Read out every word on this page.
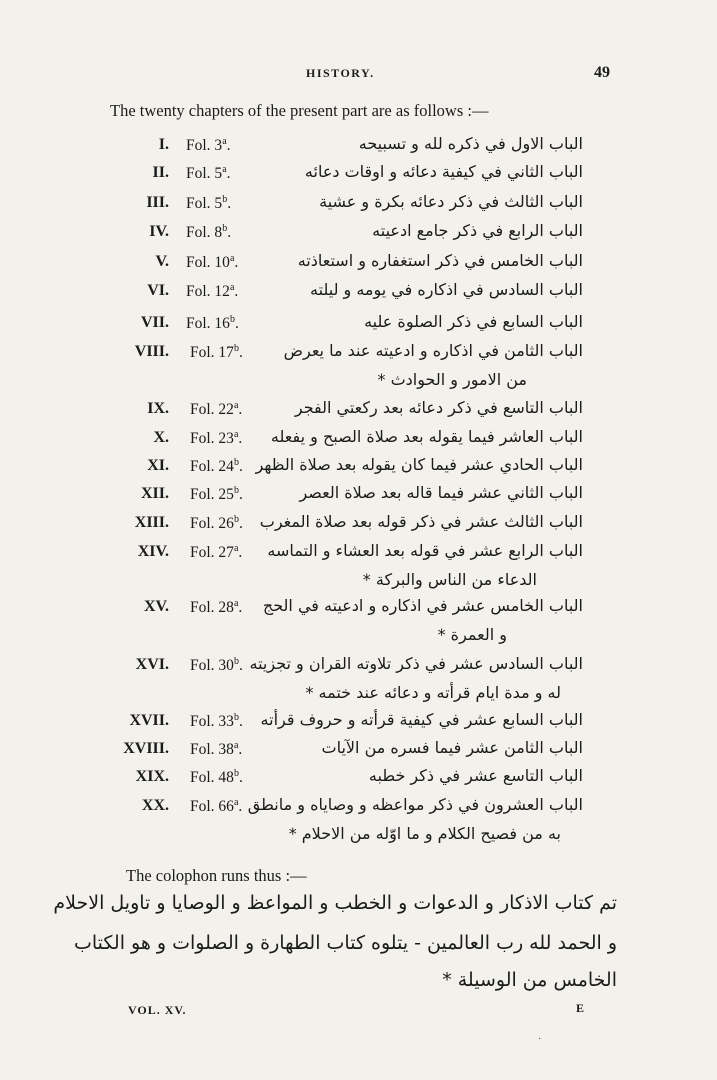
HISTORY.	49
The twenty chapters of the present part are as follows :—
I. Fol. 3$^a$.	الباب الاول في ذكره لله و تسبيحه
II. Fol. 5$^a$.	الباب الثاني في كيفية دعائه و اوقات دعائه
III. Fol. 5$^b$.	الباب الثالث في ذكر دعائه بكرة و عشية
IV. Fol. 8$^b$.	الباب الرابع في ذكر جامع ادعيته
V. Fol. 10$^a$.	الباب الخامس في ذكر استغفاره و استعاذته
VI. Fol. 12$^a$.	الباب السادس في اذكاره في يومه و ليلته
VII. Fol. 16$^b$.	الباب السابع في ذكر الصلوة عليه
VIII. Fol. 17$^b$.	الباب الثامن في اذكاره و ادعيته عند ما يعرض
من الامور و الحوادث *
IX. Fol. 22$^a$.	الباب التاسع في ذكر دعائه بعد ركعتي الفجر
X. Fol. 23$^a$. الباب العاشر فيما يقوله بعد صلاة الصبح و يفعله
XI. Fol. 24$^b$. الباب الحادي عشر فيما كان يقوله بعد صلاة الظهر
XII. Fol. 25$^b$.	الباب الثاني عشر فيما قاله بعد صلاة العصر
XIII. Fol. 26$^b$. الباب الثالث عشر في ذكر قوله بعد صلاة المغرب
XIV. Fol. 27$^a$. الباب الرابع عشر في قوله بعد العشاء و التماسه
الدعاء من الناس والبركة *
XV. Fol. 28$^a$. الباب الخامس عشر في اذكاره و ادعيته في الحج
و العمرة *
XVI. Fol. 30$^b$. الباب السادس عشر في ذكر تلاوته القران و تجزيته
له و مدة ايام قرأته و دعائه عند ختمه *
XVII. Fol. 33$^b$. الباب السابع عشر في كيفية قرأته و حروف قرأته
XVIII. Fol. 38$^a$.	الباب الثامن عشر فيما فسره من الآيات
XIX. Fol. 48$^b$.	الباب التاسع عشر في ذكر خطبه
XX. Fol. 66$^a$. الباب العشرون في ذكر مواعظه و وصاياه و مانطق
به من فصيح الكلام و ما اوّله من الاحلام *
The colophon runs thus :—
تم كتاب الاذكار و الدعوات و الخطب و المواعظ و الوصايا و تاويل الاحلام
و الحمد لله رب العالمين - يتلوه كتاب الطهارة و الصلوات و هو الكتاب
الخامس من الوسيلة *
VOL. XV.	E
·
